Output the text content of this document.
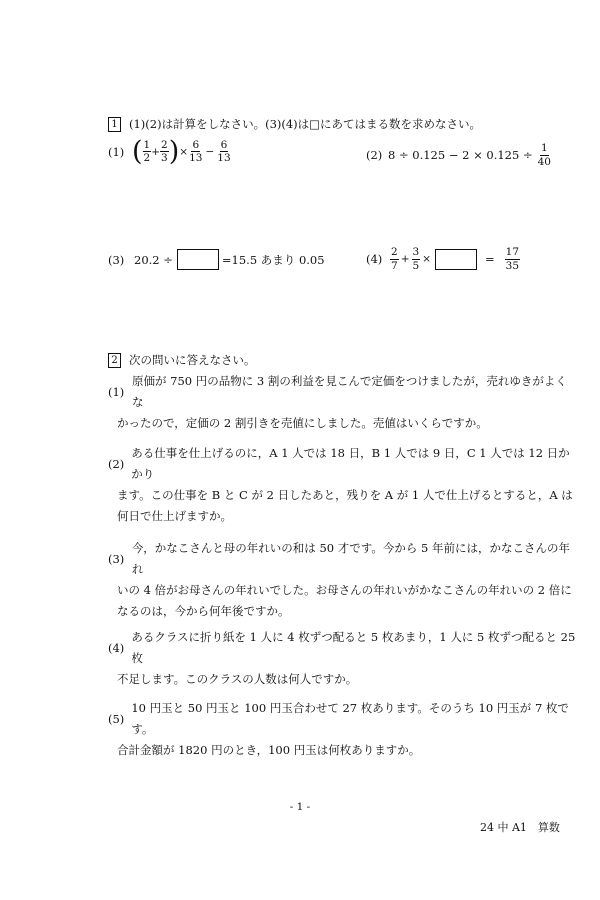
1 (1)(2)は計算をしなさい。(3)(4)は□にあてはまる数を求めなさい。
(1) ( $\frac{1}{2} + \frac{2}{3}$ ) × $\frac{6}{13} - \frac{6}{13}$	(2) $8 \div 0.125 - 2 \times 0.125 \div \frac{1}{40}$
(3) 20.2 ÷	=15.5 あまり 0.05	$(4) \frac{2}{7} + \frac{3}{5}$ ×	= $\frac{17}{35}$
2 次の問いに答えなさい。
(1)
原価が 750 円の品物に 3 割の利益を見こんで定価をつけましたが，売れゆきがよくな
かったので，定価の 2 割引きを売値にしました。売値はいくらですか。
(2)
ある仕事を仕上げるのに，A 1 人では 18 日，B 1 人では 9 日，C 1 人では 12 日かかり
ます。この仕事を B と C が 2 日したあと，残りを A が 1 人で仕上げるとすると，A は
何日で仕上げますか。
(3)
今，かなこさんと母の年れいの和は 50 才です。今から 5 年前には，かなこさんの年れ
いの 4 倍がお母さんの年れいでした。お母さんの年れいがかなこさんの年れいの 2 倍に
なるのは，今から何年後ですか。
(4)
あるクラスに折り紙を 1 人に 4 枚ずつ配ると 5 枚あまり，1 人に 5 枚ずつ配ると 25 枚
不足します。このクラスの人数は何人ですか。
(5)
10 円玉と 50 円玉と 100 円玉合わせて 27 枚あります。そのうち 10 円玉が 7 枚です。
合計金額が 1820 円のとき，100 円玉は何枚ありますか。
- 1 -
24 中 A1　算数
